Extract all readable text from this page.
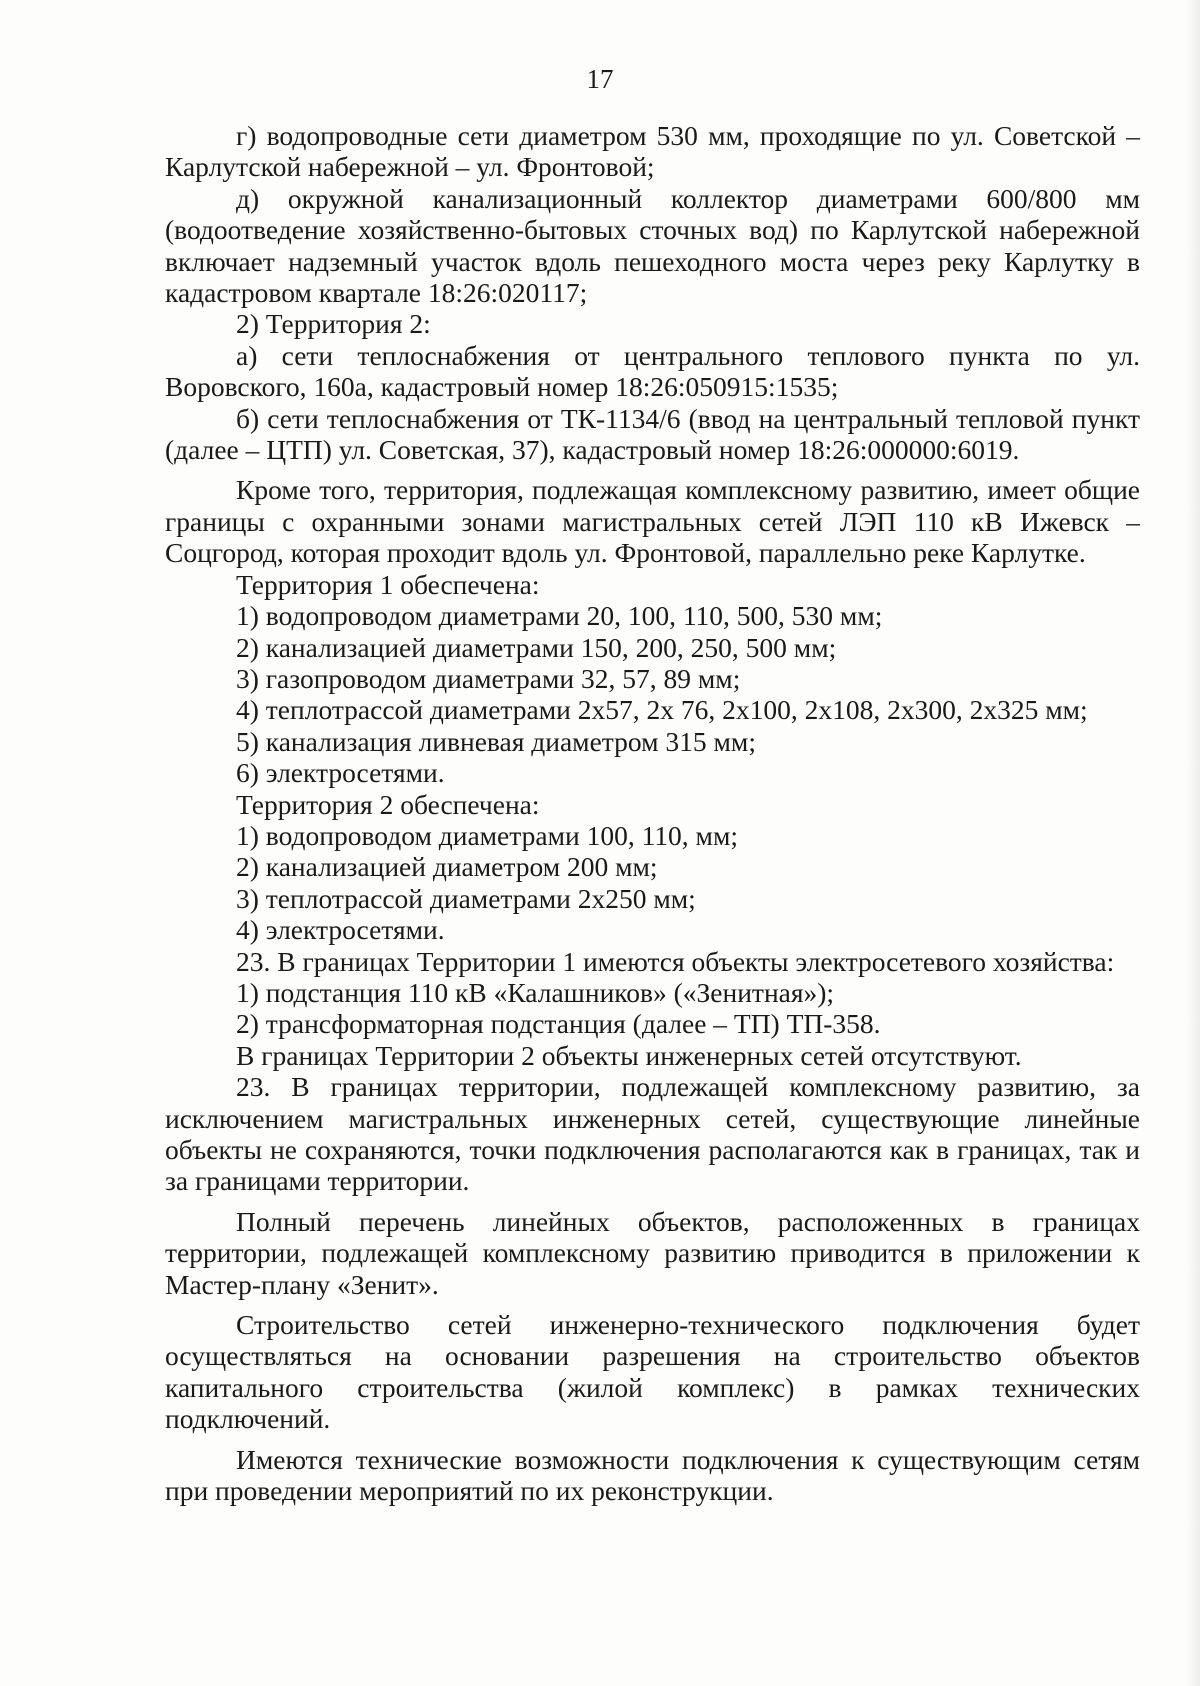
17

г) водопроводные сети диаметром 530 мм, проходящие по ул. Советской – Карлутской набережной – ул. Фронтовой;

д) окружной канализационный коллектор диаметрами 600/800 мм (водоотведение хозяйственно-бытовых сточных вод) по Карлутской набережной включает надземный участок вдоль пешеходного моста через реку Карлутку в кадастровом квартале 18:26:020117;

2) Территория 2:

а) сети теплоснабжения от центрального теплового пункта по ул. Воровского, 160а, кадастровый номер 18:26:050915:1535;

б) сети теплоснабжения от ТК-1134/6 (ввод на центральный тепловой пункт (далее – ЦТП) ул. Советская, 37), кадастровый номер 18:26:000000:6019.

Кроме того, территория, подлежащая комплексному развитию, имеет общие границы с охранными зонами магистральных сетей ЛЭП 110 кВ Ижевск – Соцгород, которая проходит вдоль ул. Фронтовой, параллельно реке Карлутке.

Территория 1 обеспечена:

1) водопроводом диаметрами 20, 100, 110, 500, 530 мм;

2) канализацией диаметрами 150, 200, 250, 500 мм;

3) газопроводом диаметрами 32, 57, 89 мм;

4) теплотрассой диаметрами 2х57, 2х 76, 2х100, 2х108, 2х300, 2х325 мм;

5) канализация ливневая диаметром 315 мм;

6) электросетями.

Территория 2 обеспечена:

1) водопроводом диаметрами 100, 110, мм;

2) канализацией диаметром 200 мм;

3) теплотрассой диаметрами 2х250 мм;

4) электросетями.

23. В границах Территории 1 имеются объекты электросетевого хозяйства:

1) подстанция 110 кВ «Калашников» («Зенитная»);

2) трансформаторная подстанция (далее – ТП) ТП-358.

В границах Территории 2 объекты инженерных сетей отсутствуют.

23. В границах территории, подлежащей комплексному развитию, за исключением магистральных инженерных сетей, существующие линейные объекты не сохраняются, точки подключения располагаются как в границах, так и за границами территории.

Полный перечень линейных объектов, расположенных в границах территории, подлежащей комплексному развитию приводится в приложении к Мастер-плану «Зенит».

Строительство сетей инженерно-технического подключения будет осуществляться на основании разрешения на строительство объектов капитального строительства (жилой комплекс) в рамках технических подключений.

Имеются технические возможности подключения к существующим сетям при проведении мероприятий по их реконструкции.
